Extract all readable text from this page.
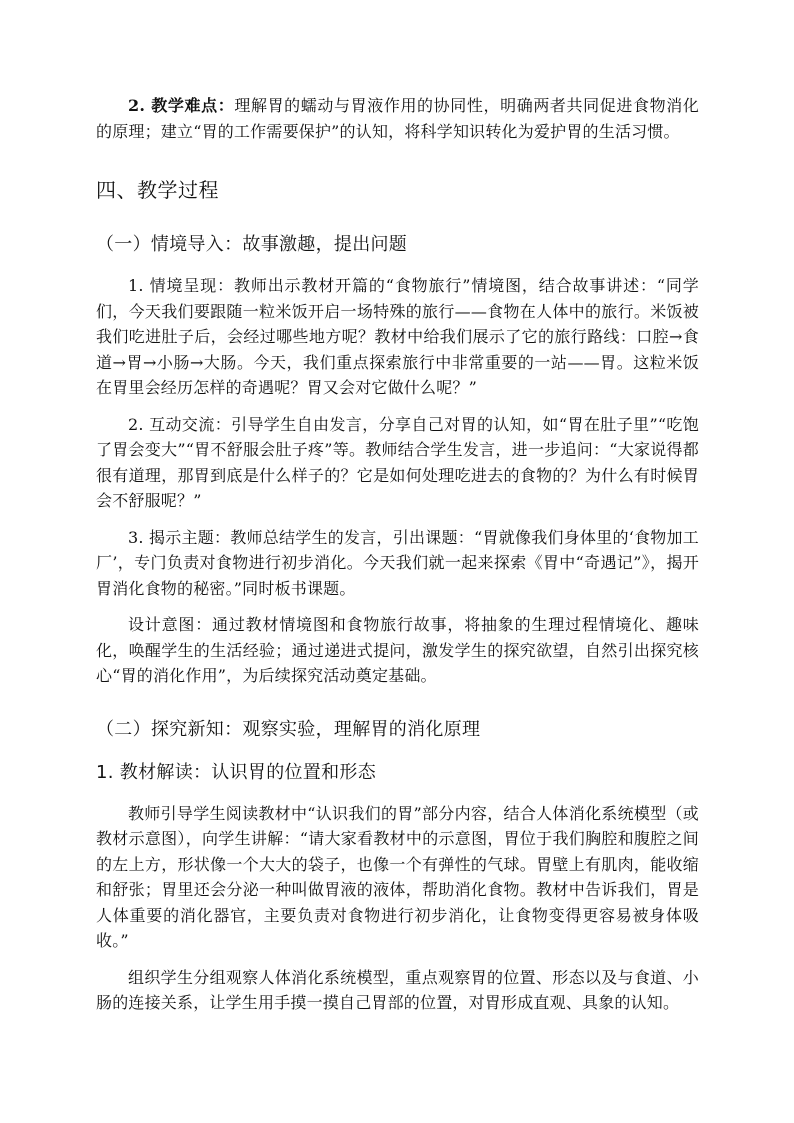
2. 教学难点：理解胃的蠕动与胃液作用的协同性，明确两者共同促进食物消化的原理；建立“胃的工作需要保护”的认知，将科学知识转化为爱护胃的生活习惯。

四、教学过程
（一）情境导入：故事激趣，提出问题

1. 情境呈现：教师出示教材开篇的“食物旅行”情境图，结合故事讲述：“同学们，今天我们要跟随一粒米饭开启一场特殊的旅行——食物在人体中的旅行。米饭被我们吃进肚子后，会经过哪些地方呢？教材中给我们展示了它的旅行路线：口腔→食道→胃→小肠→大肠。今天，我们重点探索旅行中非常重要的一站——胃。这粒米饭在胃里会经历怎样的奇遇呢？胃又会对它做什么呢？”

2. 互动交流：引导学生自由发言，分享自己对胃的认知，如“胃在肚子里”“吃饱了胃会变大”“胃不舒服会肚子疼”等。教师结合学生发言，进一步追问：“大家说得都很有道理，那胃到底是什么样子的？它是如何处理吃进去的食物的？为什么有时候胃会不舒服呢？”

3. 揭示主题：教师总结学生的发言，引出课题：“胃就像我们身体里的‘食物加工厂’，专门负责对食物进行初步消化。今天我们就一起来探索《胃中“奇遇记”》，揭开胃消化食物的秘密。”同时板书课题。

设计意图：通过教材情境图和食物旅行故事，将抽象的生理过程情境化、趣味化，唤醒学生的生活经验；通过递进式提问，激发学生的探究欲望，自然引出探究核心“胃的消化作用”，为后续探究活动奠定基础。

（二）探究新知：观察实验，理解胃的消化原理
1. 教材解读：认识胃的位置和形态

教师引导学生阅读教材中“认识我们的胃”部分内容，结合人体消化系统模型（或教材示意图），向学生讲解：“请大家看教材中的示意图，胃位于我们胸腔和腹腔之间的左上方，形状像一个大大的袋子，也像一个有弹性的气球。胃壁上有肌肉，能收缩和舒张；胃里还会分泌一种叫做胃液的液体，帮助消化食物。教材中告诉我们，胃是人体重要的消化器官，主要负责对食物进行初步消化，让食物变得更容易被身体吸收。”

组织学生分组观察人体消化系统模型，重点观察胃的位置、形态以及与食道、小肠的连接关系，让学生用手摸一摸自己胃部的位置，对胃形成直观、具象的认知。
